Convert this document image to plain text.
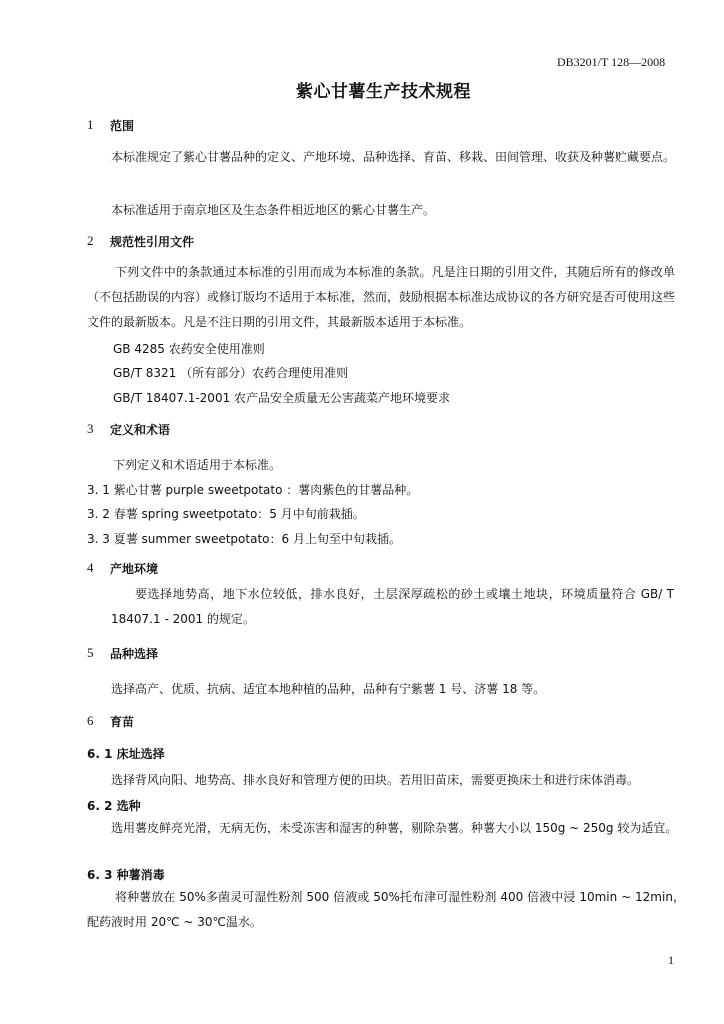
DB3201/T 128—2008
紫心甘薯生产技术规程
1 范围
本标准规定了紫心甘薯品种的定义、产地环境、品种选择、育苗、移栽、田间管理、收获及种薯贮藏要点。
本标准适用于南京地区及生态条件相近地区的紫心甘薯生产。
2 规范性引用文件
下列文件中的条款通过本标准的引用而成为本标准的条款。凡是注日期的引用文件，其随后所有的修改单（不包括勘误的内容）或修订版均不适用于本标准，然而，鼓励根据本标准达成协议的各方研究是否可使用这些文件的最新版本。凡是不注日期的引用文件，其最新版本适用于本标准。
GB 4285 农药安全使用准则
GB/T 8321 （所有部分）农药合理使用准则
GB/T 18407.1-2001 农产品安全质量无公害蔬菜产地环境要求
3 定义和术语
下列定义和术语适用于本标准。
3. 1 紫心甘薯 purple sweetpotato ：薯肉紫色的甘薯品种。
3. 2 春薯 spring sweetpotato：5 月中旬前栽插。
3. 3 夏薯 summer sweetpotato：6 月上旬至中旬栽插。
4 产地环境
要选择地势高，地下水位较低，排水良好，土层深厚疏松的砂土或壤土地块，环境质量符合 GB/ T 18407.1 - 2001 的规定。
5 品种选择
选择高产、优质、抗病、适宜本地种植的品种，品种有宁紫薯 1 号、济薯 18 等。
6 育苗
6. 1 床址选择
选择背风向阳、地势高、排水良好和管理方便的田块。若用旧苗床，需要更换床土和进行床体消毒。
6. 2 选种
选用薯皮鲜亮光滑，无病无伤，未受冻害和湿害的种薯，剔除杂薯。种薯大小以 150g ~ 250g 较为适宜。
6. 3 种薯消毒
将种薯放在 50%多菌灵可湿性粉剂 500 倍液或 50%托布津可湿性粉剂 400 倍液中浸 10min ~ 12min，配药液时用 20℃ ~ 30℃温水。
1
